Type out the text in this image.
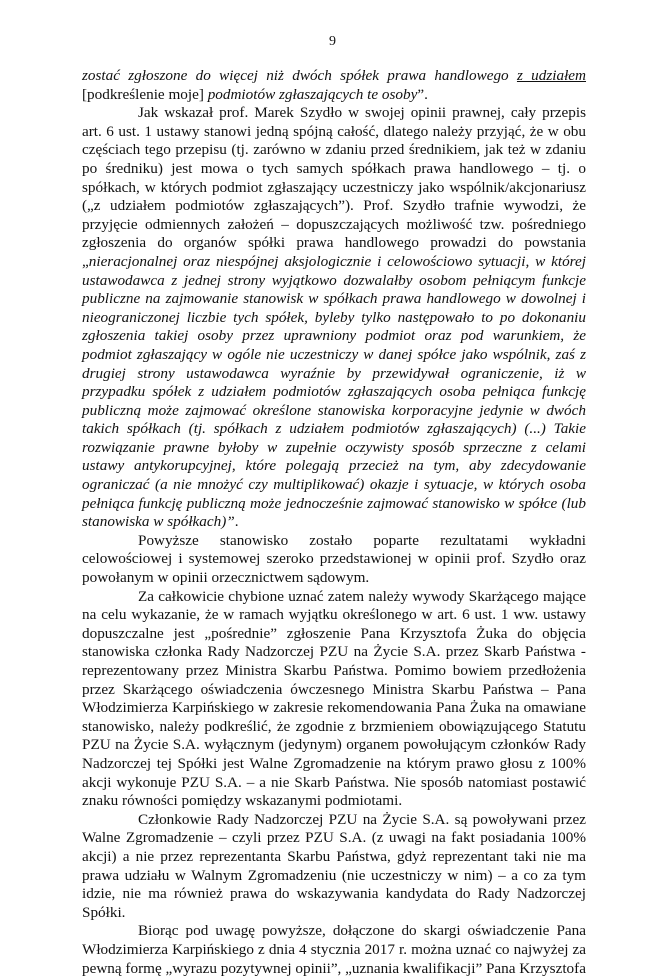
9

zostać zgłoszone do więcej niż dwóch spółek prawa handlowego z udziałem [podkreślenie moje] podmiotów zgłaszających te osoby”.

Jak wskazał prof. Marek Szydło w swojej opinii prawnej, cały przepis art. 6 ust. 1 ustawy stanowi jedną spójną całość, dlatego należy przyjąć, że w obu częściach tego przepisu (tj. zarówno w zdaniu przed średnikiem, jak też w zdaniu po średniku) jest mowa o tych samych spółkach prawa handlowego – tj. o spółkach, w których podmiot zgłaszający uczestniczy jako wspólnik/akcjonariusz („z udziałem podmiotów zgłaszających”). Prof. Szydło trafnie wywodzi, że przyjęcie odmiennych założeń – dopuszczających możliwość tzw. pośredniego zgłoszenia do organów spółki prawa handlowego prowadzi do powstania „nieracjonalnej oraz niespójnej aksjologicznie i celowościowo sytuacji, w której ustawodawca z jednej strony wyjątkowo dozwalałby osobom pełniącym funkcje publiczne na zajmowanie stanowisk w spółkach prawa handlowego w dowolnej i nieograniczonej liczbie tych spółek, byleby tylko następowało to po dokonaniu zgłoszenia takiej osoby przez uprawniony podmiot oraz pod warunkiem, że podmiot zgłaszający w ogóle nie uczestniczy w danej spółce jako wspólnik, zaś z drugiej strony ustawodawca wyraźnie by przewidywał ograniczenie, iż w przypadku spółek z udziałem podmiotów zgłaszających osoba pełniąca funkcję publiczną może zajmować określone stanowiska korporacyjne jedynie w dwóch takich spółkach (tj. spółkach z udziałem podmiotów zgłaszających) (...) Takie rozwiązanie prawne byłoby w zupełnie oczywisty sposób sprzeczne z celami ustawy antykorupcyjnej, które polegają przecież na tym, aby zdecydowanie ograniczać (a nie mnożyć czy multiplikować) okazje i sytuacje, w których osoba pełniąca funkcję publiczną może jednocześnie zajmować stanowisko w spółce (lub stanowiska w spółkach)”.

Powyższe stanowisko zostało poparte rezultatami wykładni celowościowej i systemowej szeroko przedstawionej w opinii prof. Szydło oraz powołanym w opinii orzecznictwem sądowym.

Za całkowicie chybione uznać zatem należy wywody Skarżącego mające na celu wykazanie, że w ramach wyjątku określonego w art. 6 ust. 1 ww. ustawy dopuszczalne jest „pośrednie” zgłoszenie Pana Krzysztofa Żuka do objęcia stanowiska członka Rady Nadzorczej PZU na Życie S.A. przez Skarb Państwa - reprezentowany przez Ministra Skarbu Państwa. Pomimo bowiem przedłożenia przez Skarżącego oświadczenia ówczesnego Ministra Skarbu Państwa – Pana Włodzimierza Karpińskiego w zakresie rekomendowania Pana Żuka na omawiane stanowisko, należy podkreślić, że zgodnie z brzmieniem obowiązującego Statutu PZU na Życie S.A. wyłącznym (jedynym) organem powołującym członków Rady Nadzorczej tej Spółki jest Walne Zgromadzenie na którym prawo głosu z 100% akcji wykonuje PZU S.A. – a nie Skarb Państwa. Nie sposób natomiast postawić znaku równości pomiędzy wskazanymi podmiotami.

Członkowie Rady Nadzorczej PZU na Życie S.A. są powoływani przez Walne Zgromadzenie – czyli przez PZU S.A. (z uwagi na fakt posiadania 100% akcji) a nie przez reprezentanta Skarbu Państwa, gdyż reprezentant taki nie ma prawa udziału w Walnym Zgromadzeniu (nie uczestniczy w nim) – a co za tym idzie, nie ma również prawa do wskazywania kandydata do Rady Nadzorczej Spółki.

Biorąc pod uwagę powyższe, dołączone do skargi oświadczenie Pana Włodzimierza Karpińskiego z dnia 4 stycznia 2017 r. można uznać co najwyżej za pewną formę „wyrazu pozytywnej opinii”, „uznania kwalifikacji” Pana Krzysztofa
